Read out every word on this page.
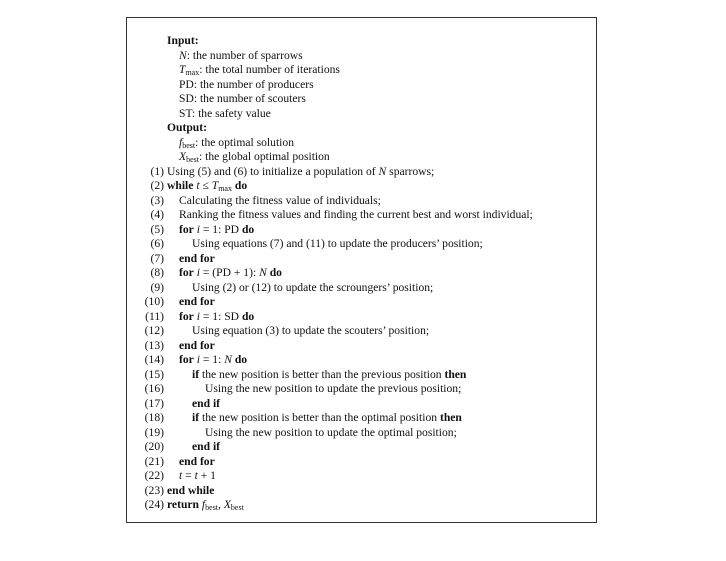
Input:
N: the number of sparrows
$T_{max}$: the total number of iterations
PD: the number of producers
SD: the number of scouters
ST: the safety value
Output:
$f_{best}$: the optimal solution
$X_{best}$: the global optimal position
(1) Using (5) and (6) to initialize a population of N sparrows;
(2) while $t \le T_{max}$ do
(3) Calculating the fitness value of individuals;
(4) Ranking the fitness values and finding the current best and worst individual;
(5) for i = 1: PD do
(6) Using equations (7) and (11) to update the producers’ position;
(7) end for
(8) for i = (PD + 1): N do
(9) Using (2) or (12) to update the scroungers’ position;
(10) end for
(11) for i = 1: SD do
(12) Using equation (3) to update the scouters’ position;
(13) end for
(14) for i = 1: N do
(15) if the new position is better than the previous position then
(16)	Using the new position to update the previous position;
(17) end if
(18) if the new position is better than the optimal position then
(19)	Using the new position to update the optimal position;
(20) end if
(21) end for
(22) t = t + 1
(23) end while
(24) return $f_{best}$, $X_{best}$
